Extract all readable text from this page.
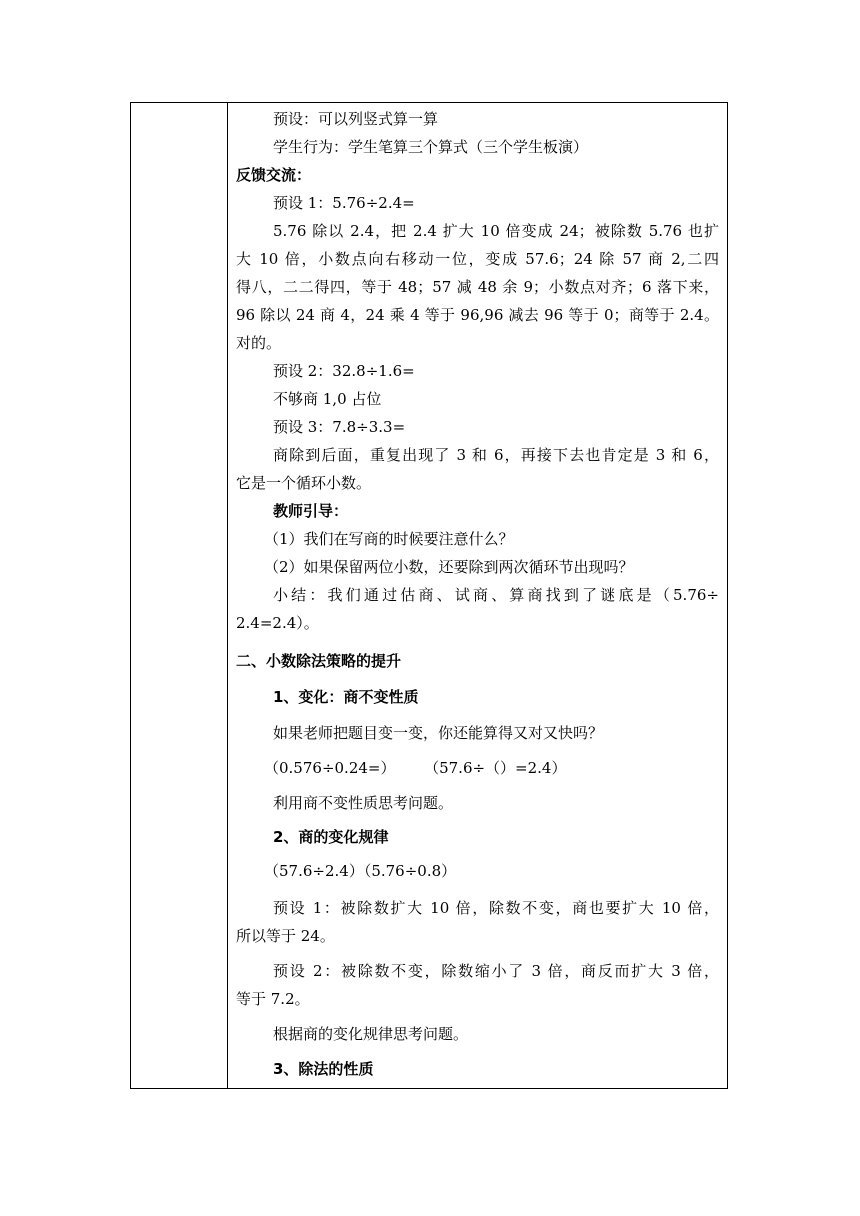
预设：可以列竖式算一算
学生行为：学生笔算三个算式（三个学生板演）
反馈交流：
预设 1：5.76÷2.4=
5.76 除以 2.4，把 2.4 扩大 10 倍变成 24；被除数 5.76 也扩
大 10 倍，小数点向右移动一位，变成 57.6；24 除 57 商 2,二四
得八，二二得四，等于 48；57 减 48 余 9；小数点对齐；6 落下来，
96 除以 24 商 4，24 乘 4 等于 96,96 减去 96 等于 0；商等于 2.4。
对的。
预设 2：32.8÷1.6=
不够商 1,0 占位
预设 3：7.8÷3.3=
商除到后面，重复出现了 3 和 6，再接下去也肯定是 3 和 6，
它是一个循环小数。
教师引导：
（1）我们在写商的时候要注意什么？
（2）如果保留两位小数，还要除到两次循环节出现吗？
小结：我们通过估商、试商、算商找到了谜底是（5.76÷
2.4=2.4）。
二、小数除法策略的提升
1、变化：商不变性质
如果老师把题目变一变，你还能算得又对又快吗？
（0.576÷0.24=）      （57.6÷（）=2.4）
利用商不变性质思考问题。
2、商的变化规律
（57.6÷2.4）（5.76÷0.8）
预设 1：被除数扩大 10 倍，除数不变，商也要扩大 10 倍，
所以等于 24。
预设 2：被除数不变，除数缩小了 3 倍，商反而扩大 3 倍，
等于 7.2。
根据商的变化规律思考问题。
3、除法的性质
